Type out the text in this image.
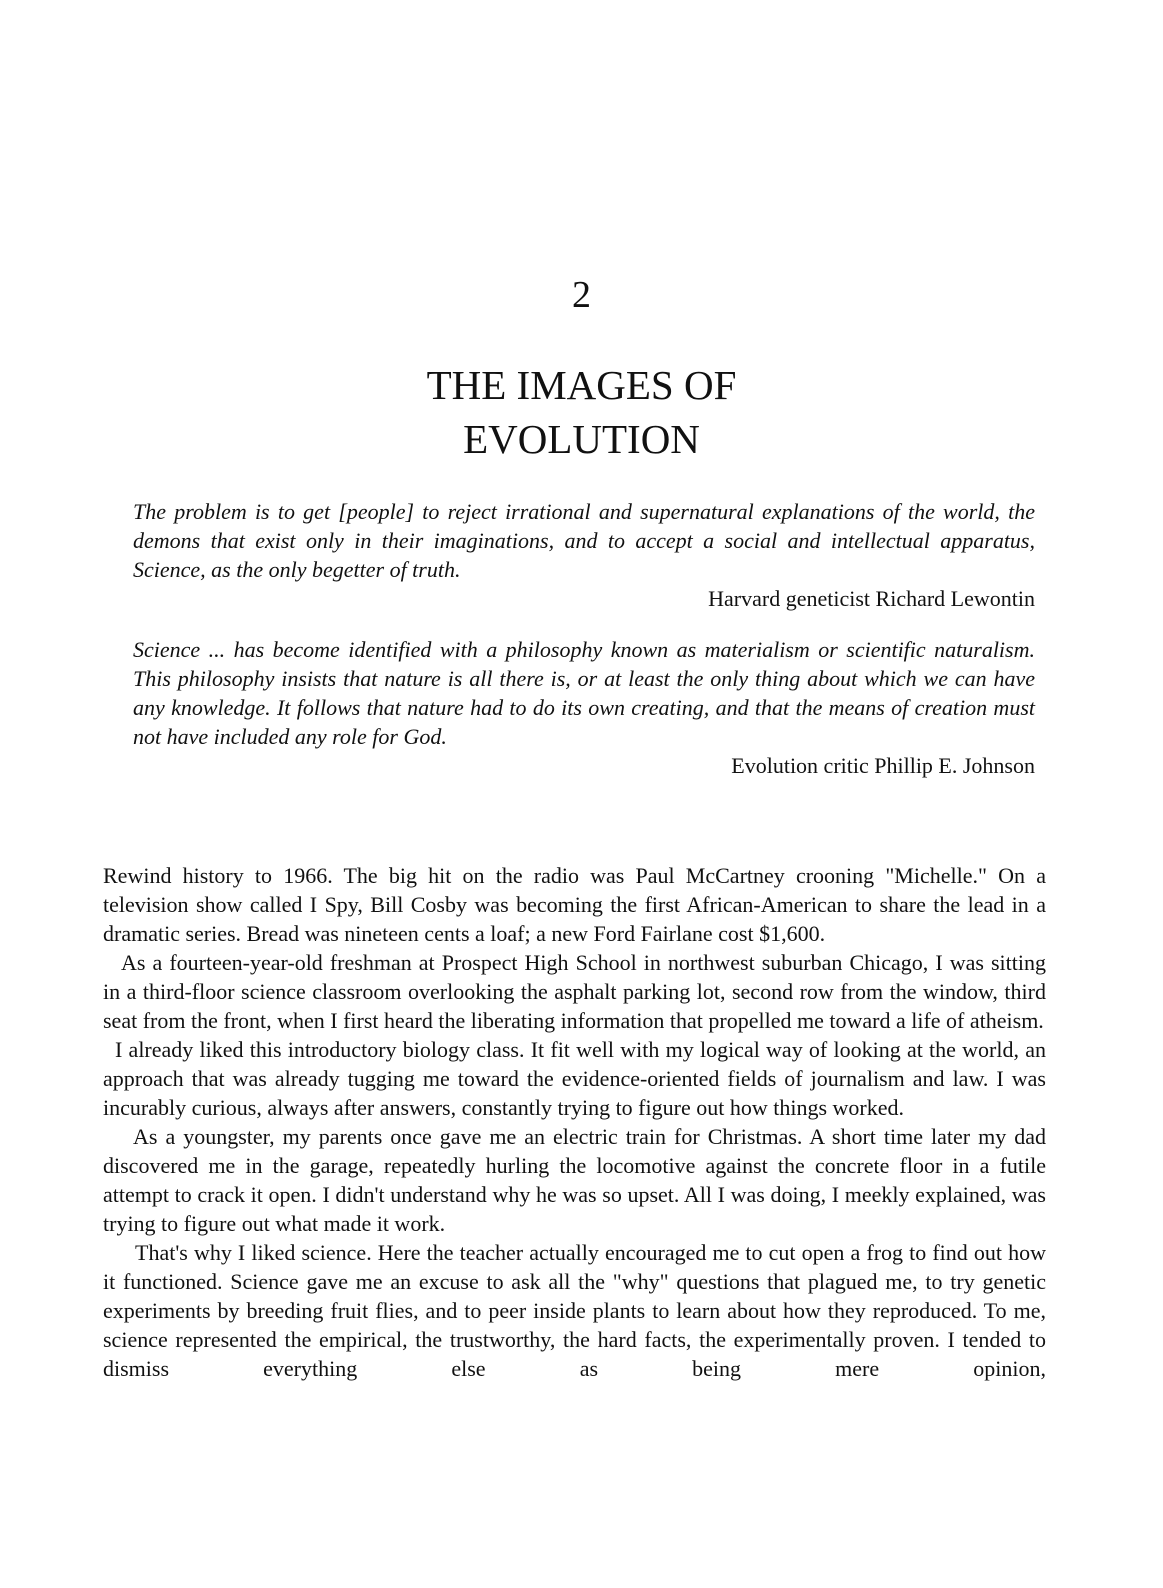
2
THE IMAGES OF
EVOLUTION

The problem is to get [people] to reject irrational and supernatural explanations of the world, the demons that exist only in their imaginations, and to accept a social and intellectual apparatus, Science, as the only begetter of truth.

Harvard geneticist Richard Lewontin

Science ... has become identified with a philosophy known as materialism or scientific naturalism. This philosophy insists that nature is all there is, or at least the only thing about which we can have any knowledge. It follows that nature had to do its own creating, and that the means of creation must not have included any role for God.

Evolution critic Phillip E. Johnson

Rewind history to 1966. The big hit on the radio was Paul McCartney crooning "Michelle." On a television show called I Spy, Bill Cosby was becoming the first African-American to share the lead in a dramatic series. Bread was nineteen cents a loaf; a new Ford Fairlane cost $1,600.

As a fourteen-year-old freshman at Prospect High School in northwest suburban Chicago, I was sitting in a third-floor science classroom overlooking the asphalt parking lot, second row from the window, third seat from the front, when I first heard the liberating information that propelled me toward a life of atheism.

I already liked this introductory biology class. It fit well with my logical way of looking at the world, an approach that was already tugging me toward the evidence-oriented fields of journalism and law. I was incurably curious, always after answers, constantly trying to figure out how things worked.

As a youngster, my parents once gave me an electric train for Christmas. A short time later my dad discovered me in the garage, repeatedly hurling the locomotive against the concrete floor in a futile attempt to crack it open. I didn't understand why he was so upset. All I was doing, I meekly explained, was trying to figure out what made it work.

That's why I liked science. Here the teacher actually encouraged me to cut open a frog to find out how it functioned. Science gave me an excuse to ask all the "why" questions that plagued me, to try genetic experiments by breeding fruit flies, and to peer inside plants to learn about how they reproduced. To me, science represented the empirical, the trustworthy, the hard facts, the experimentally proven. I tended to dismiss everything else as being mere opinion,
